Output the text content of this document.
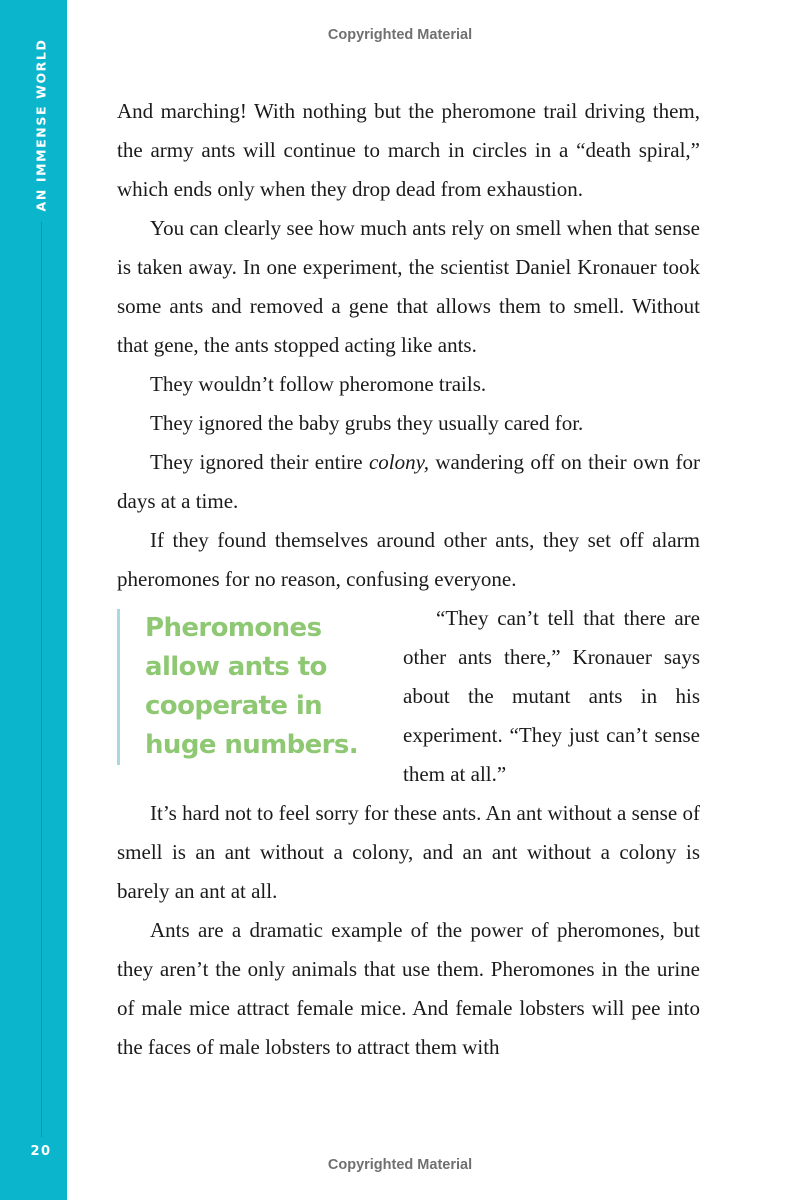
AN IMMENSE WORLD
20
Copyrighted Material

And marching! With nothing but the pheromone trail driving them, the army ants will continue to march in circles in a “death spiral,” which ends only when they drop dead from exhaustion.

You can clearly see how much ants rely on smell when that sense is taken away. In one experiment, the scientist Daniel Kronauer took some ants and removed a gene that allows them to smell. Without that gene, the ants stopped acting like ants.

They wouldn’t follow pheromone trails.

They ignored the baby grubs they usually cared for.

They ignored their entire colony, wandering off on their own for days at a time.

If they found themselves around other ants, they set off alarm pheromones for no reason, confusing everyone.

Pheromones allow ants to cooperate in huge numbers.

“They can’t tell that there are other ants there,” Kronauer says about the mutant ants in his experiment. “They just can’t sense them at all.”

It’s hard not to feel sorry for these ants. An ant without a sense of smell is an ant without a colony, and an ant without a colony is barely an ant at all.

Ants are a dramatic example of the power of pheromones, but they aren’t the only animals that use them. Pheromones in the urine of male mice attract female mice. And female lobsters will pee into the faces of male lobsters to attract them with

Copyrighted Material
